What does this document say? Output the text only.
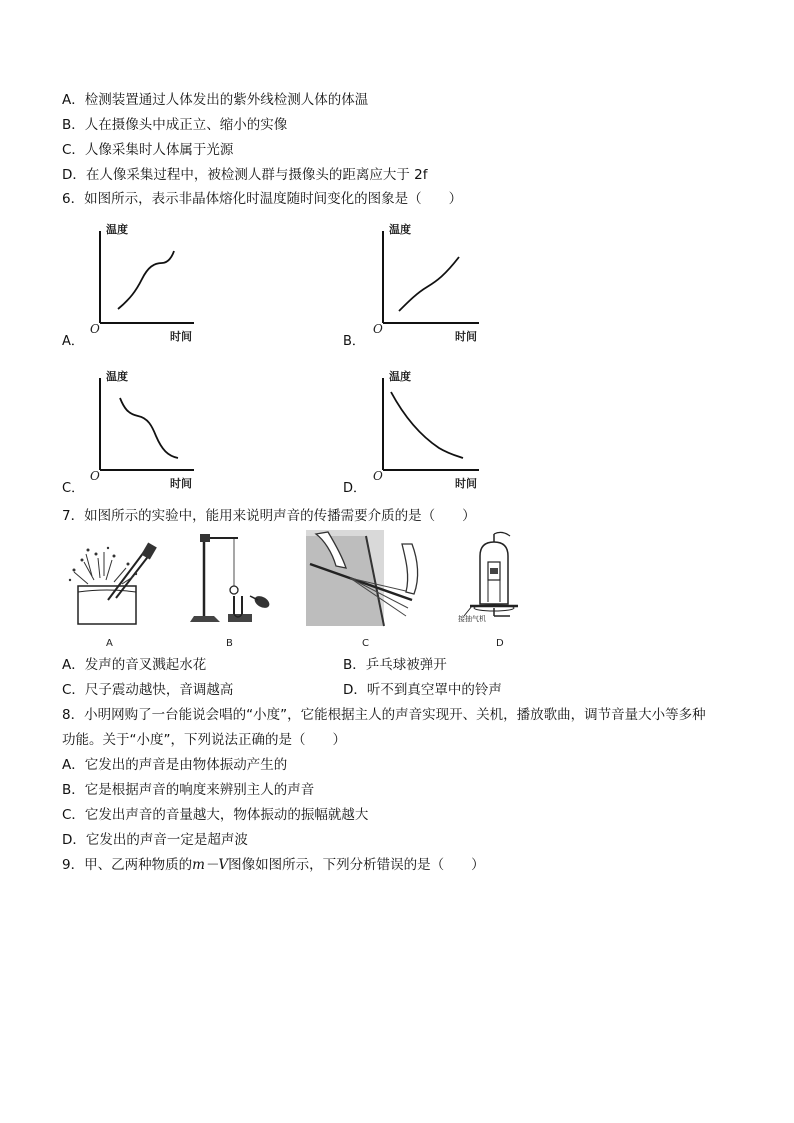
A．检测装置通过人体发出的紫外线检测人体的体温
B．人在摄像头中成正立、缩小的实像
C．人像采集时人体属于光源
D．在人像采集过程中，被检测人群与摄像头的距离应大于 2f
6．如图所示，表示非晶体熔化时温度随时间变化的图象是（　　）
温度
时间
O
A．
温度
时间
O
B．
温度
时间
O
C．
温度
时间
O
D．
7．如图所示的实验中，能用来说明声音的传播需要介质的是（　　）
A	B	C
接抽气机
D
A．发声的音叉溅起水花	B．乒乓球被弹开
C．尺子震动越快，音调越高	D．听不到真空罩中的铃声
8．小明网购了一台能说会唱的“小度”，它能根据主人的声音实现开、关机，播放歌曲，调节音量大小等多种
功能。关于“小度”，下列说法正确的是（　　）
A．它发出的声音是由物体振动产生的
B．它是根据声音的响度来辨别主人的声音
C．它发出声音的音量越大，物体振动的振幅就越大
D．它发出的声音一定是超声波
9．甲、乙两种物质的m－V图像如图所示，下列分析错误的是（　　）
